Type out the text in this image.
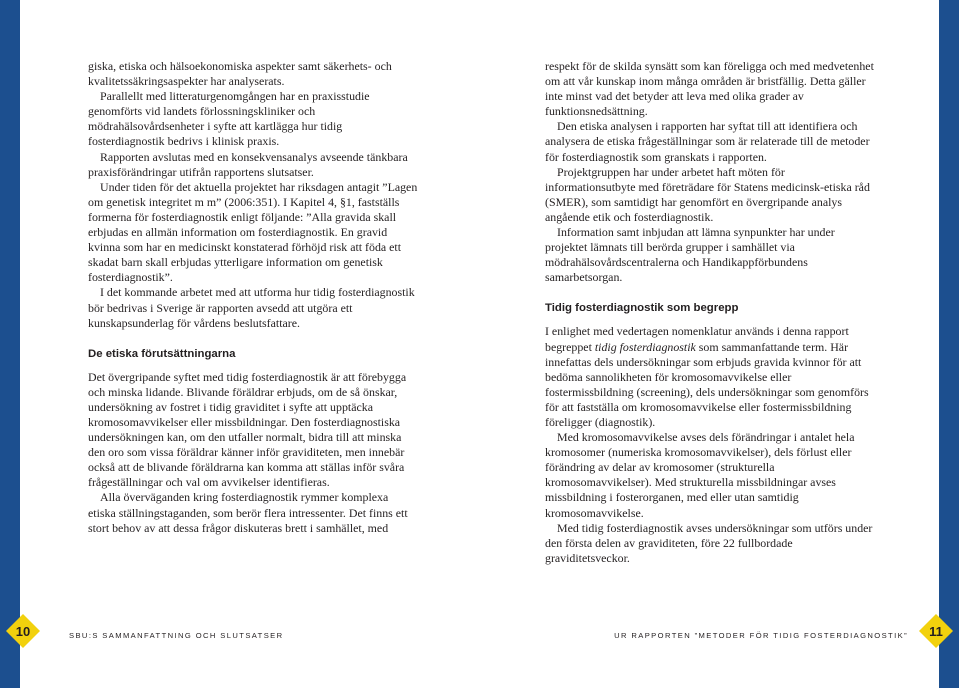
giska, etiska och hälsoekonomiska aspekter samt säkerhets- och kvalitetssäkringsaspekter har analyserats.

Parallellt med litteraturgenomgången har en praxisstudie genomförts vid landets förlossningskliniker och mödrahälsovårdsenheter i syfte att kartlägga hur tidig fosterdiagnostik bedrivs i klinisk praxis.

Rapporten avslutas med en konsekvensanalys avseende tänkbara praxisförändringar utifrån rapportens slutsatser.

Under tiden för det aktuella projektet har riksdagen antagit ”Lagen om genetisk integritet m m” (2006:351). I Kapitel 4, §1, fastställs formerna för fosterdiagnostik enligt följande: ”Alla gravida skall erbjudas en allmän information om fosterdiagnostik. En gravid kvinna som har en medicinskt konstaterad förhöjd risk att föda ett skadat barn skall erbjudas ytterligare information om genetisk fosterdiagnostik”.

I det kommande arbetet med att utforma hur tidig fosterdiagnostik bör bedrivas i Sverige är rapporten avsedd att utgöra ett kunskapsunderlag för vårdens beslutsfattare.

De etiska förutsättningarna

Det övergripande syftet med tidig fosterdiagnostik är att förebygga och minska lidande. Blivande föräldrar erbjuds, om de så önskar, undersökning av fostret i tidig graviditet i syfte att upptäcka kromosomavvikelser eller missbildningar. Den fosterdiagnostiska undersökningen kan, om den utfaller normalt, bidra till att minska den oro som vissa föräldrar känner inför graviditeten, men innebär också att de blivande föräldrarna kan komma att ställas inför svåra frågeställningar och val om avvikelser identifieras.

Alla överväganden kring fosterdiagnostik rymmer komplexa etiska ställningstaganden, som berör flera intressenter. Det finns ett stort behov av att dessa frågor diskuteras brett i samhället, med

respekt för de skilda synsätt som kan föreligga och med medvetenhet om att vår kunskap inom många områden är bristfällig. Detta gäller inte minst vad det betyder att leva med olika grader av funktionsnedsättning.

Den etiska analysen i rapporten har syftat till att identifiera och analysera de etiska frågeställningar som är relaterade till de metoder för fosterdiagnostik som granskats i rapporten.

Projektgruppen har under arbetet haft möten för informationsutbyte med företrädare för Statens medicinsk-etiska råd (SMER), som samtidigt har genomfört en övergripande analys angående etik och fosterdiagnostik.

Information samt inbjudan att lämna synpunkter har under projektet lämnats till berörda grupper i samhället via mödrahälsovårdscentralerna och Handikappförbundens samarbetsorgan.

Tidig fosterdiagnostik som begrepp

I enlighet med vedertagen nomenklatur används i denna rapport begreppet tidig fosterdiagnostik som sammanfattande term. Här innefattas dels undersökningar som erbjuds gravida kvinnor för att bedöma sannolikheten för kromosomavvikelse eller fostermissbildning (screening), dels undersökningar som genomförs för att fastställa om kromosomavvikelse eller fostermissbildning föreligger (diagnostik).

Med kromosomavvikelse avses dels förändringar i antalet hela kromosomer (numeriska kromosomavvikelser), dels förlust eller förändring av delar av kromosomer (strukturella kromosomavvikelser). Med strukturella missbildningar avses missbildning i fosterorganen, med eller utan samtidig kromosomavvikelse.

Med tidig fosterdiagnostik avses undersökningar som utförs under den första delen av graviditeten, före 22 fullbordade graviditetsveckor.

10	SBU:S SAMMANFATTNING OCH SLUTSATSER	UR RAPPORTEN ”METODER FÖR TIDIG FOSTERDIAGNOSTIK”	11
